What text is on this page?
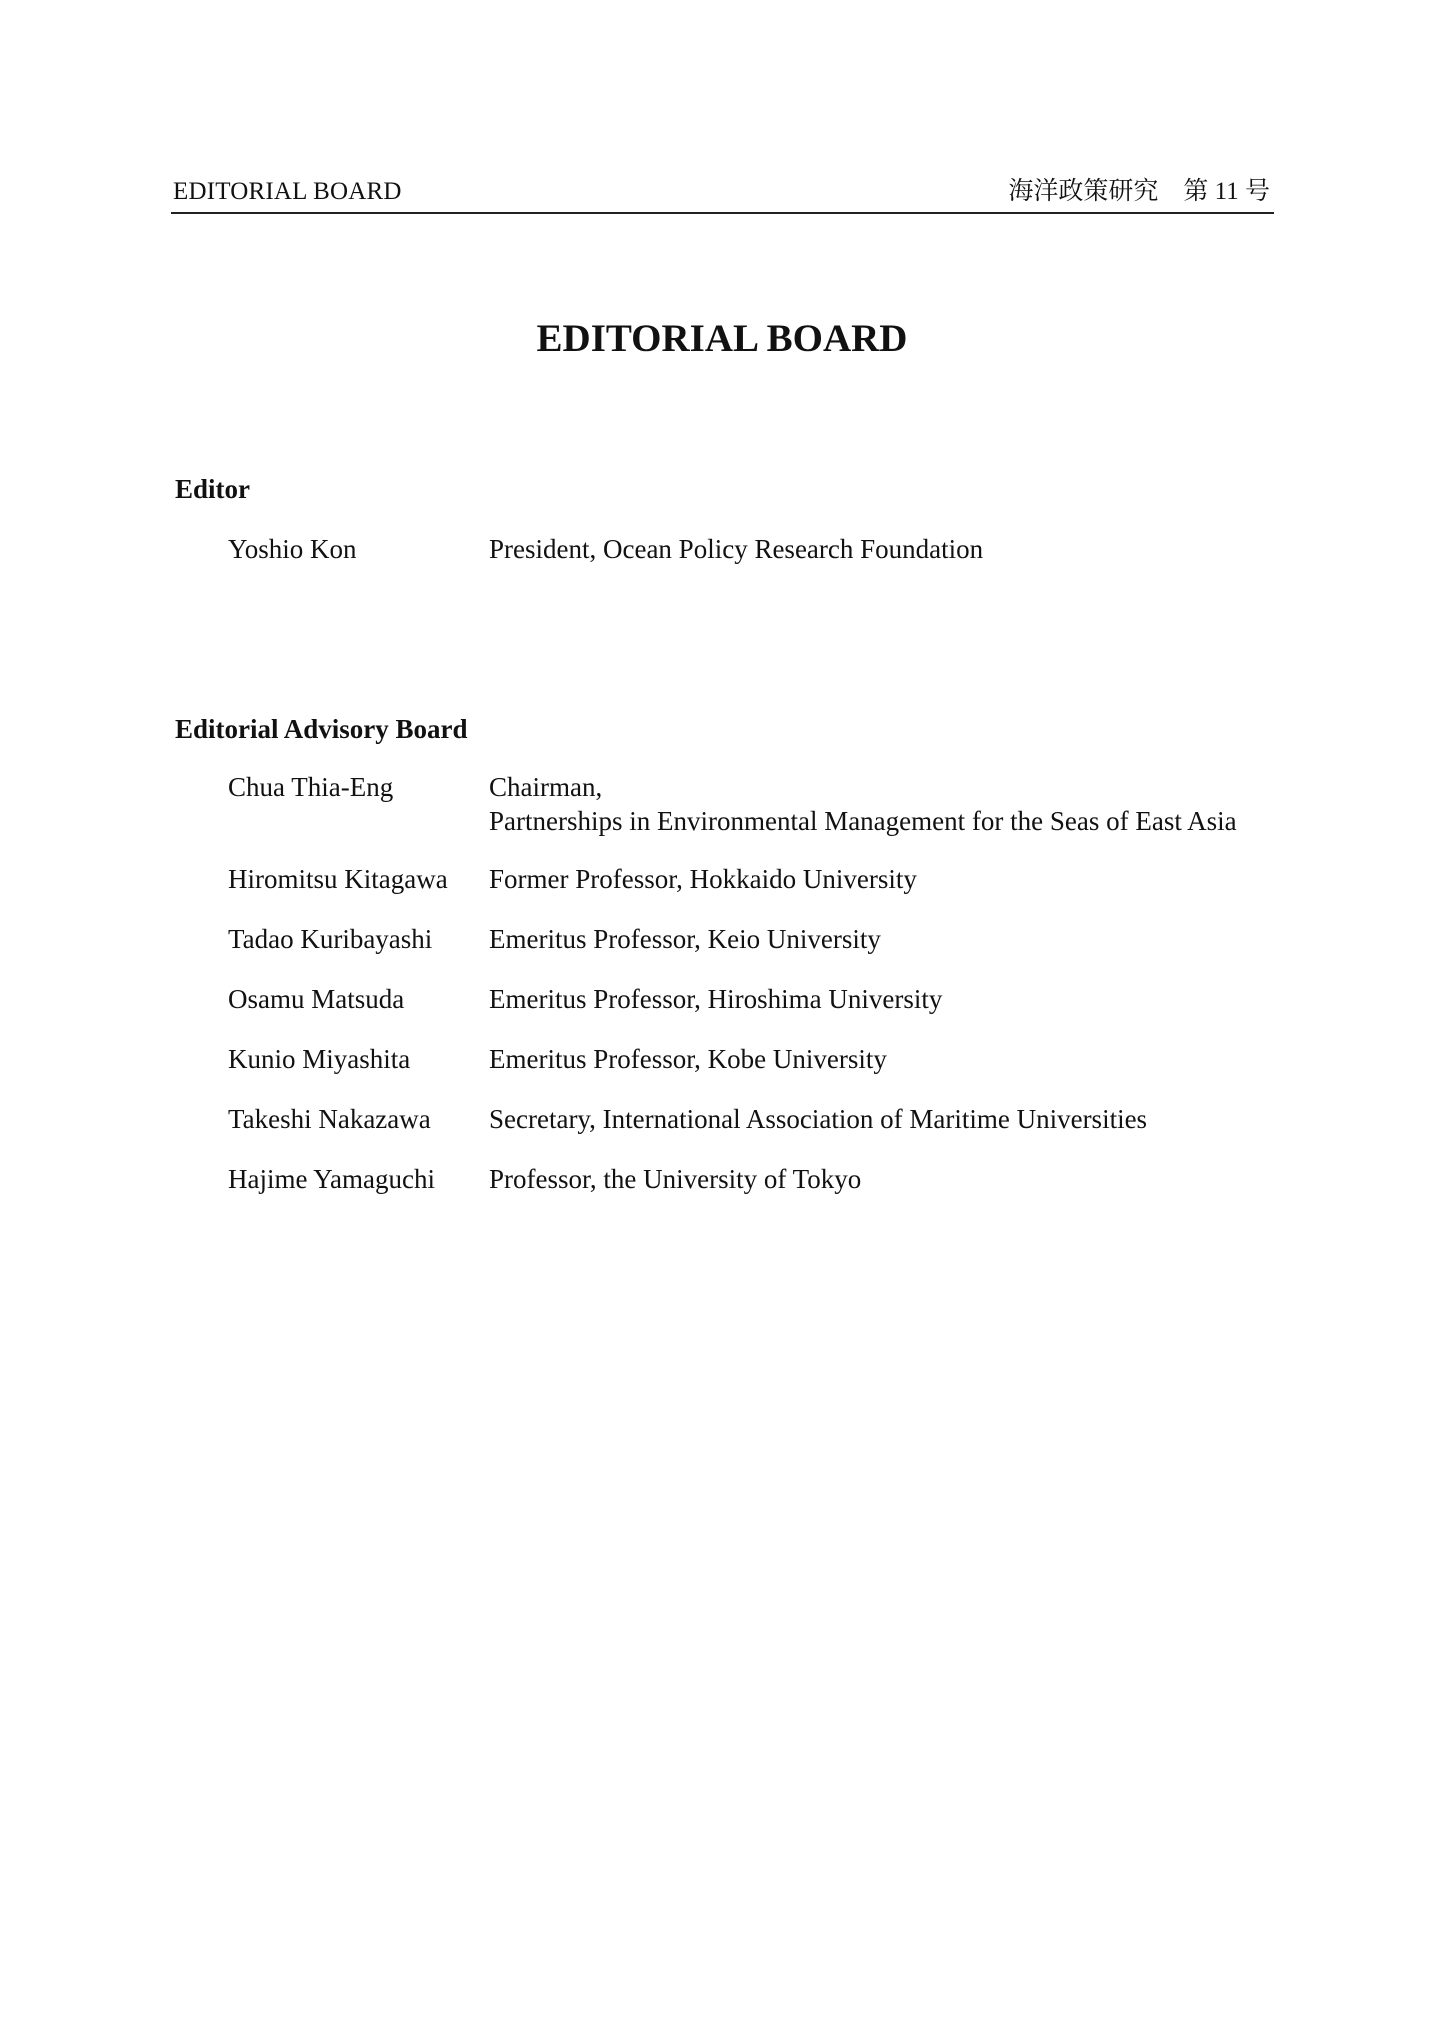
EDITORIAL BOARD	海洋政策研究　第 11 号
EDITORIAL BOARD
Editor
Yoshio Kon	President, Ocean Policy Research Foundation
Editorial Advisory Board
Chua Thia-Eng	Chairman,
Partnerships in Environmental Management for the Seas of East Asia
Hiromitsu Kitagawa Former Professor, Hokkaido University
Tadao Kuribayashi Emeritus Professor, Keio University
Osamu Matsuda	Emeritus Professor, Hiroshima University
Kunio Miyashita	Emeritus Professor, Kobe University
Takeshi Nakazawa Secretary, International Association of Maritime Universities
Hajime Yamaguchi Professor, the University of Tokyo
